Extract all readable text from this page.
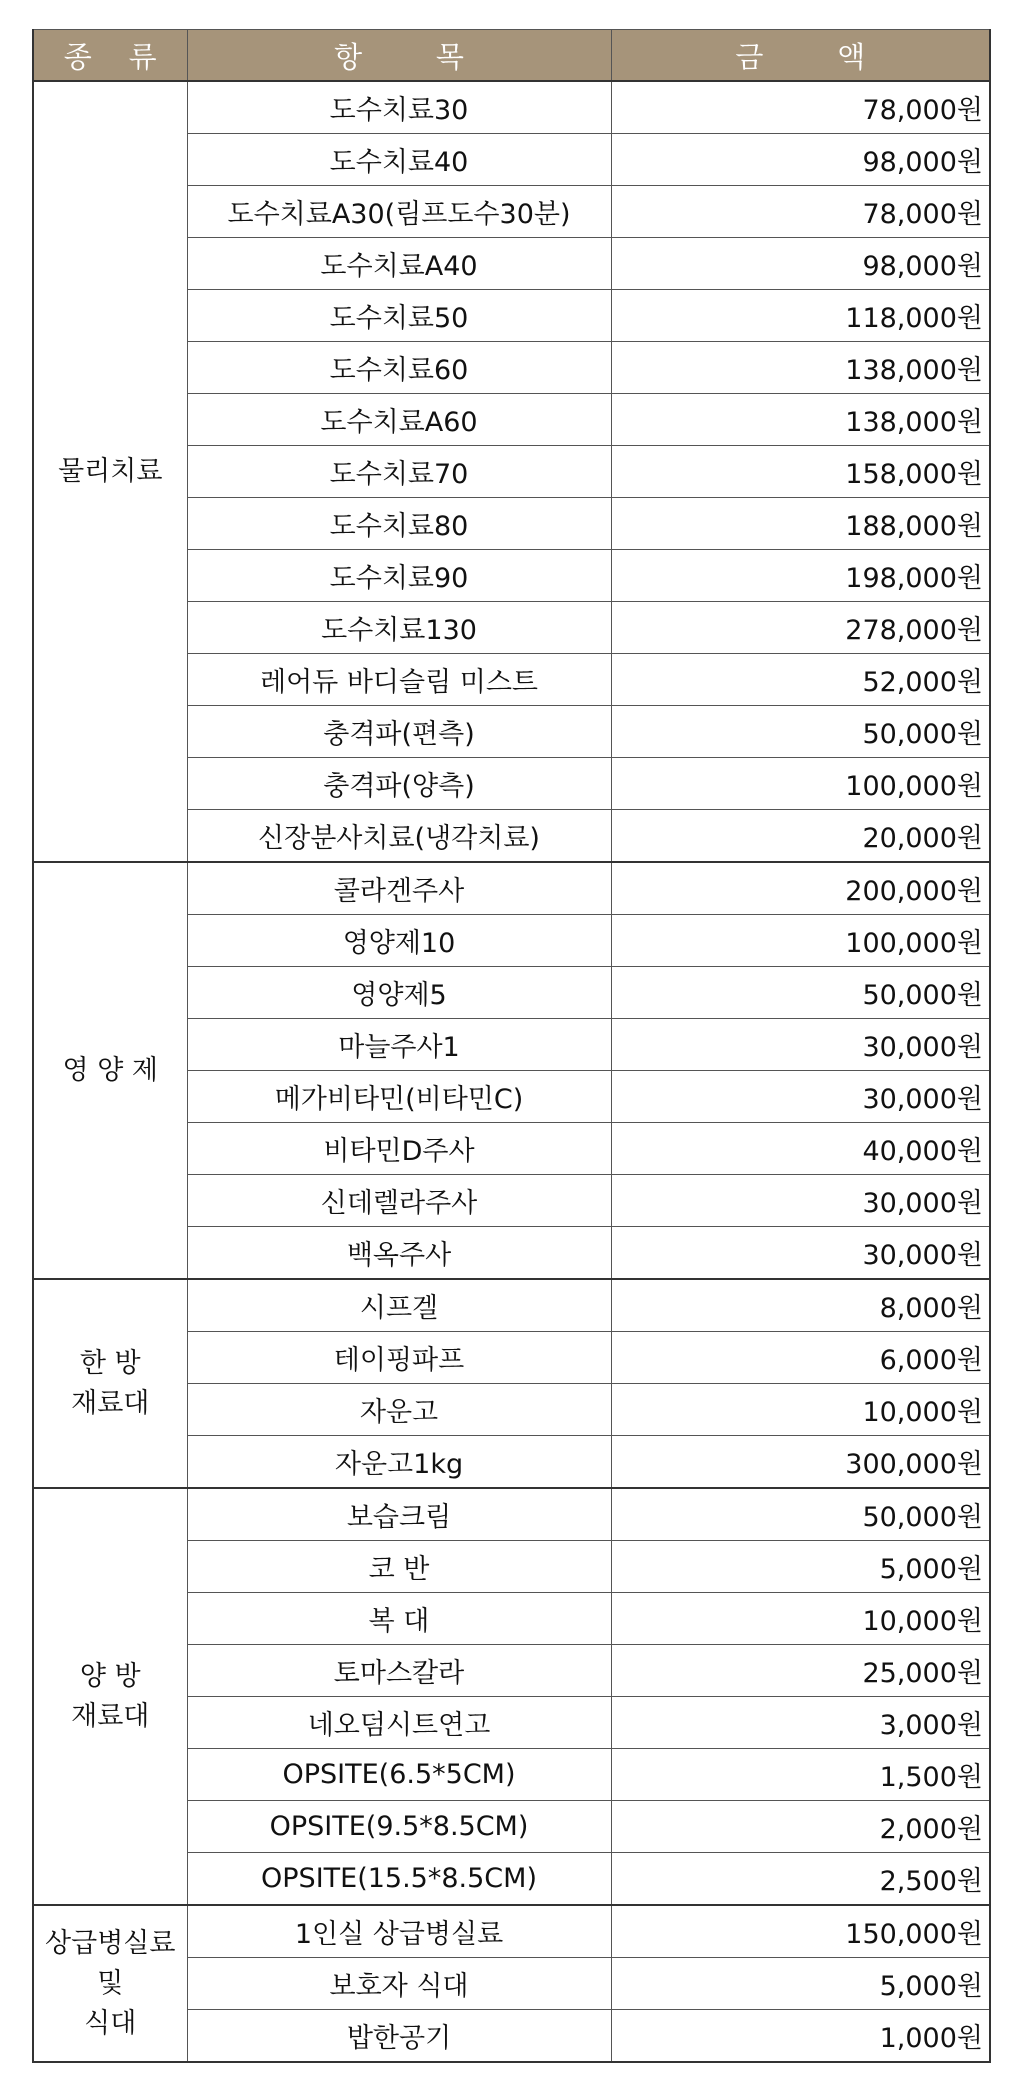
종    류	항        목	금        액
물리치료	도수치료30	78,000원
	도수치료40	98,000원
	도수치료A30(림프도수30분)	78,000원
	도수치료A40	98,000원
	도수치료50	118,000원
	도수치료60	138,000원
	도수치료A60	138,000원
	도수치료70	158,000원
	도수치료80	188,000원
	도수치료90	198,000원
	도수치료130	278,000원
	레어듀 바디슬림 미스트	52,000원
	충격파(편측)	50,000원
	충격파(양측)	100,000원
	신장분사치료(냉각치료)	20,000원
영 양 제	콜라겐주사	200,000원
	영양제10	100,000원
	영양제5	50,000원
	마늘주사1	30,000원
	메가비타민(비타민C)	30,000원
	비타민D주사	40,000원
	신데렐라주사	30,000원
	백옥주사	30,000원
한 방
재료대	시프겔	8,000원
	테이핑파프	6,000원
	자운고	10,000원
	자운고1kg	300,000원
양 방
재료대	보습크림	50,000원
	코 반	5,000원
	복 대	10,000원
	토마스칼라	25,000원
	네오덤시트연고	3,000원
	OPSITE(6.5*5CM)	1,500원
	OPSITE(9.5*8.5CM)	2,000원
	OPSITE(15.5*8.5CM)	2,500원
상급병실료
및
식대	1인실 상급병실료	150,000원
	보호자 식대	5,000원
	밥한공기	1,000원
